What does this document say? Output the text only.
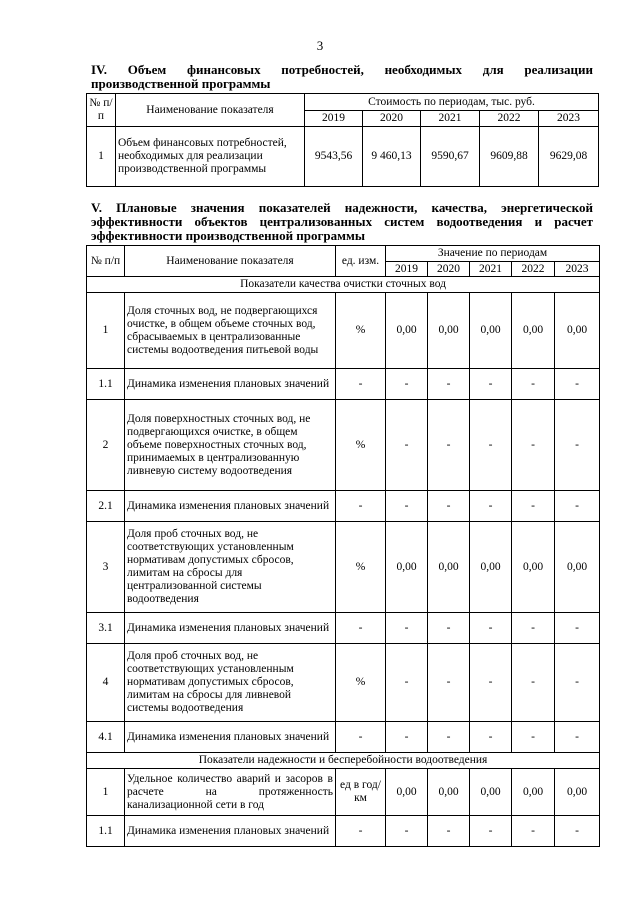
3
IV. Объем финансовых потребностей, необходимых для реализации производственной программы
№ п/п	Наименование показателя	Стоимость по периодам, тыс. руб.				
		2019	2020	2021	2022	2023
1	Объем финансовых потребностей, необходимых для реализации производственной программы	9543,56	9 460,13	9590,67	9609,88	9629,08
V. Плановые значения показателей надежности, качества, энергетической эффективности объектов централизованных систем водоотведения и расчет эффективности производственной программы
№ п/п	Наименование показателя	ед. изм.	Значение по периодам				
			2019	2020	2021	2022	2023
Показатели качества очистки сточных вод							
1	Доля сточных вод, не подвергающихся очистке, в общем объеме сточных вод, сбрасываемых в централизованные системы водоотведения питьевой воды	%	0,00	0,00	0,00	0,00	0,00
1.1	Динамика изменения плановых значений	-	-	-	-	-	-
2	Доля поверхностных сточных вод, не подвергающихся очистке, в общем объеме поверхностных сточных вод, принимаемых в централизованную ливневую систему водоотведения	%	-	-	-	-	-
2.1	Динамика изменения плановых значений	-	-	-	-	-	-
3	Доля проб сточных вод, не соответствующих установленным нормативам допустимых сбросов, лимитам на сбросы для централизованной системы водоотведения	%	0,00	0,00	0,00	0,00	0,00
3.1	Динамика изменения плановых значений	-	-	-	-	-	-
4	Доля проб сточных вод, не соответствующих установленным нормативам допустимых сбросов, лимитам на сбросы для ливневой системы водоотведения	%	-	-	-	-	-
4.1	Динамика изменения плановых значений	-	-	-	-	-	-
Показатели надежности и бесперебойности водоотведения							
1	Удельное количество аварий и засоров в расчете на протяженность канализационной сети в год	ед в год/ км	0,00	0,00	0,00	0,00	0,00
1.1	Динамика изменения плановых значений	-	-	-	-	-	-
